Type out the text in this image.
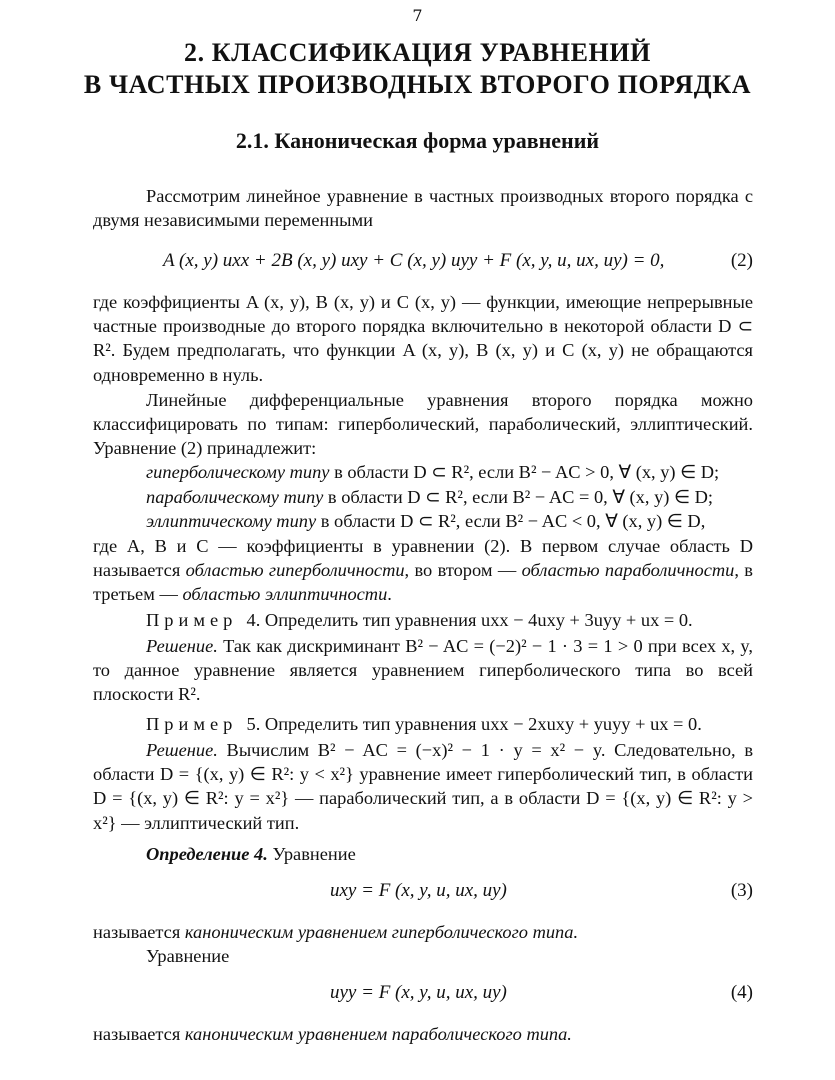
7
2. КЛАССИФИКАЦИЯ УРАВНЕНИЙ
В ЧАСТНЫХ ПРОИЗВОДНЫХ ВТОРОГО ПОРЯДКА
2.1. Каноническая форма уравнений

Рассмотрим линейное уравнение в частных производных второго порядка с двумя независимыми переменными

A (x, y) uxx + 2B (x, y) uxy + C (x, y) uyy + F (x, y, u, ux, uy) = 0,	(2)

где коэффициенты A (x, y), B (x, y) и C (x, y) — функции, имеющие непрерывные частные производные до второго порядка включительно в некоторой области D ⊂ R². Будем предполагать, что функции A (x, y), B (x, y) и C (x, y) не обращаются одновременно в нуль.

Линейные дифференциальные уравнения второго порядка можно классифицировать по типам: гиперболический, параболический, эллиптический. Уравнение (2) принадлежит:

гиперболическому типу в области D ⊂ R², если B² − AC > 0, ∀ (x, y) ∈ D;
параболическому типу в области D ⊂ R², если B² − AC = 0, ∀ (x, y) ∈ D;
эллиптическому типу в области D ⊂ R², если B² − AC < 0, ∀ (x, y) ∈ D,

где A, B и C — коэффициенты в уравнении (2). В первом случае область D называется областью гиперболичности, во втором — областью параболичности, в третьем — областью эллиптичности.

Пример 4. Определить тип уравнения uxx − 4uxy + 3uyy + ux = 0.

Решение. Так как дискриминант B² − AC = (−2)² − 1 · 3 = 1 > 0 при всех x, y, то данное уравнение является уравнением гиперболического типа во всей плоскости R².

Пример 5. Определить тип уравнения uxx − 2xuxy + yuyy + ux = 0.

Решение. Вычислим B² − AC = (−x)² − 1 · y = x² − y. Следовательно, в области D = {(x, y) ∈ R²: y < x²} уравнение имеет гиперболический тип, в области D = {(x, y) ∈ R²: y = x²} — параболический тип, а в области D = {(x, y) ∈ R²: y > x²} — эллиптический тип.

Определение 4. Уравнение
uxy = F (x, y, u, ux, uy)	(3)
называется каноническим уравнением гиперболического типа.
Уравнение
uyy = F (x, y, u, ux, uy)	(4)
называется каноническим уравнением параболического типа.
